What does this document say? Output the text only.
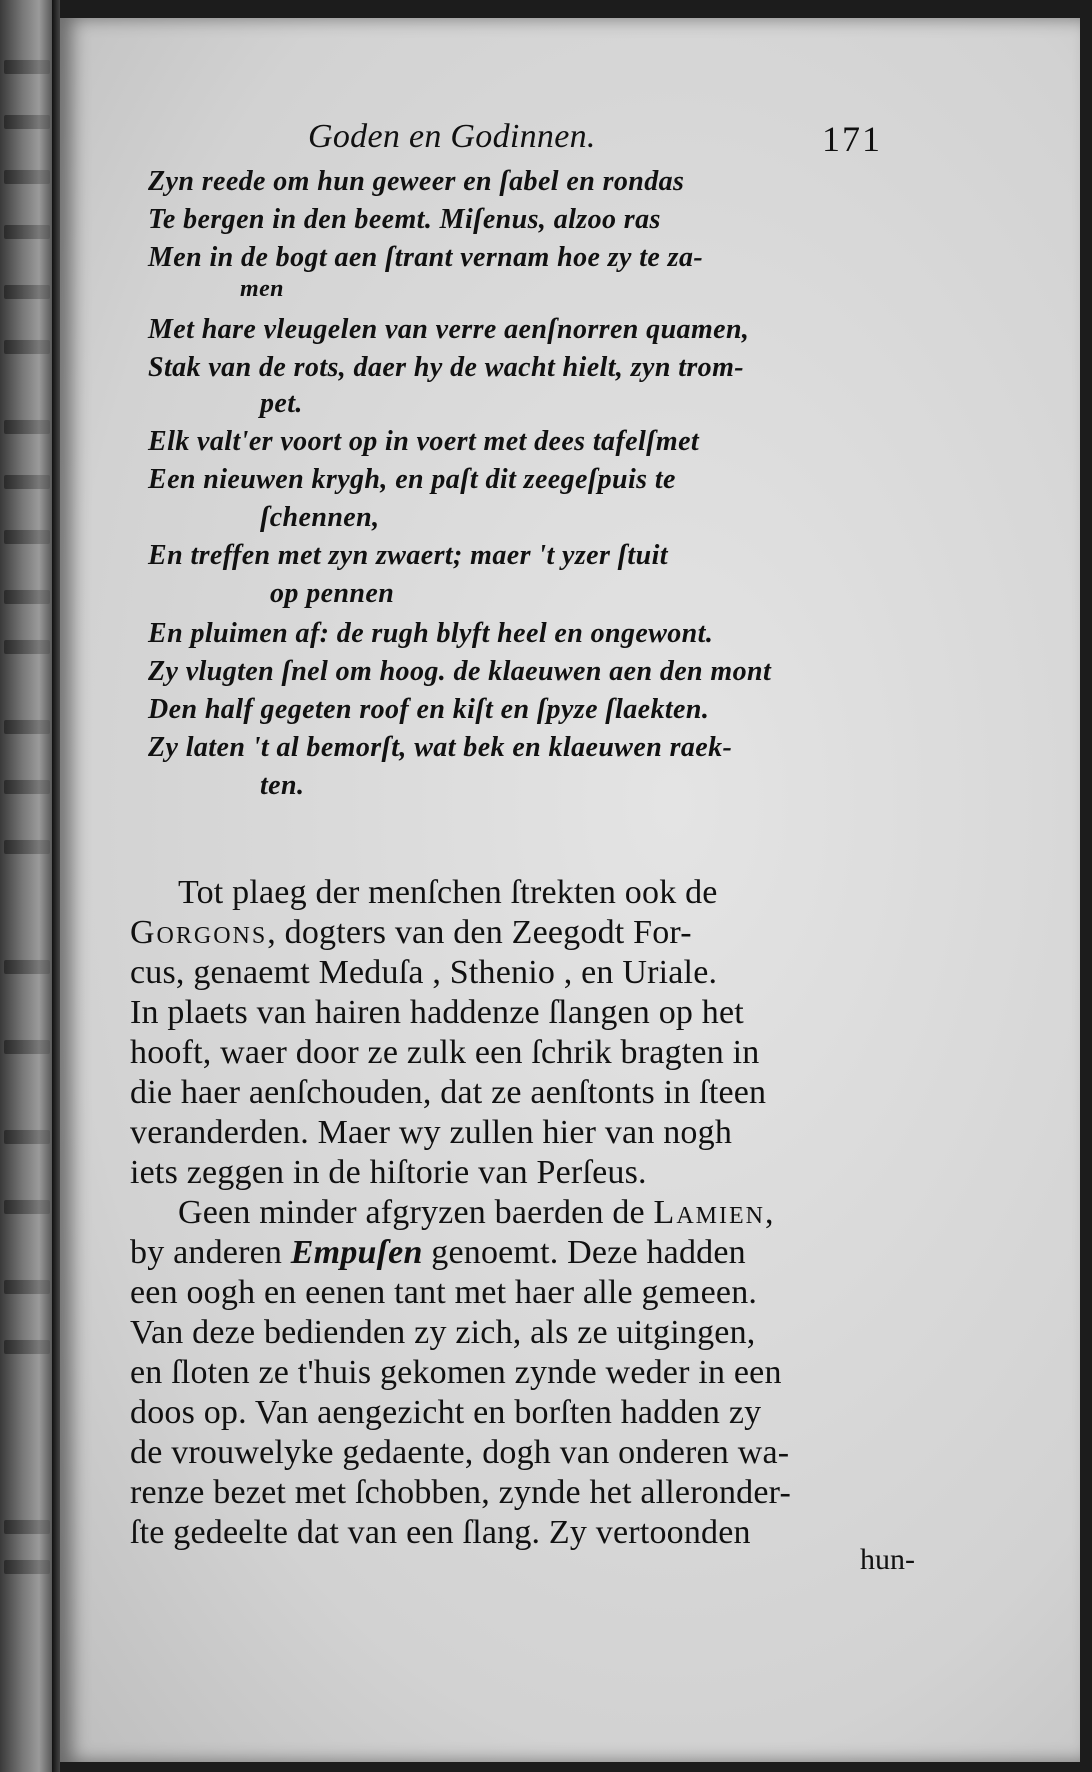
Goden en Godinnen.	171

Zyn reede om hun geweer en ſabel en rondas

Te bergen in den beemt. Miſenus, alzoo ras

Men in de bogt aen ſtrant vernam hoe zy te za-

men

Met hare vleugelen van verre aenſnorren quamen,

Stak van de rots, daer hy de wacht hielt, zyn trom-

pet.

Elk valt'er voort op in voert met dees tafelſmet

Een nieuwen krygh, en paſt dit zeegeſpuis te

ſchennen,

En treffen met zyn zwaert; maer 't yzer ſtuit

op pennen

En pluimen af: de rugh blyft heel en ongewont.

Zy vlugten ſnel om hoog. de klaeuwen aen den mont

Den half gegeten roof en kiſt en ſpyze ſlaekten.

Zy laten 't al bemorſt, wat bek en klaeuwen raek-

ten.

Tot plaeg der menſchen ſtrekten ook de

Gorgons, dogters van den Zeegodt For-

cus, genaemt Meduſa , Sthenio , en Uriale.

In plaets van hairen haddenze ſlangen op het

hooft, waer door ze zulk een ſchrik bragten in

die haer aenſchouden, dat ze aenſtonts in ſteen

veranderden. Maer wy zullen hier van nogh

iets zeggen in de hiſtorie van Perſeus.

Geen minder afgryzen baerden de Lamien,

by anderen Empuſen genoemt. Deze hadden

een oogh en eenen tant met haer alle gemeen.

Van deze bedienden zy zich, als ze uitgingen,

en ſloten ze t'huis gekomen zynde weder in een

doos op. Van aengezicht en borſten hadden zy

de vrouwelyke gedaente, dogh van onderen wa-

renze bezet met ſchobben, zynde het alleronder-

ſte gedeelte dat van een ſlang. Zy vertoonden

hun-
